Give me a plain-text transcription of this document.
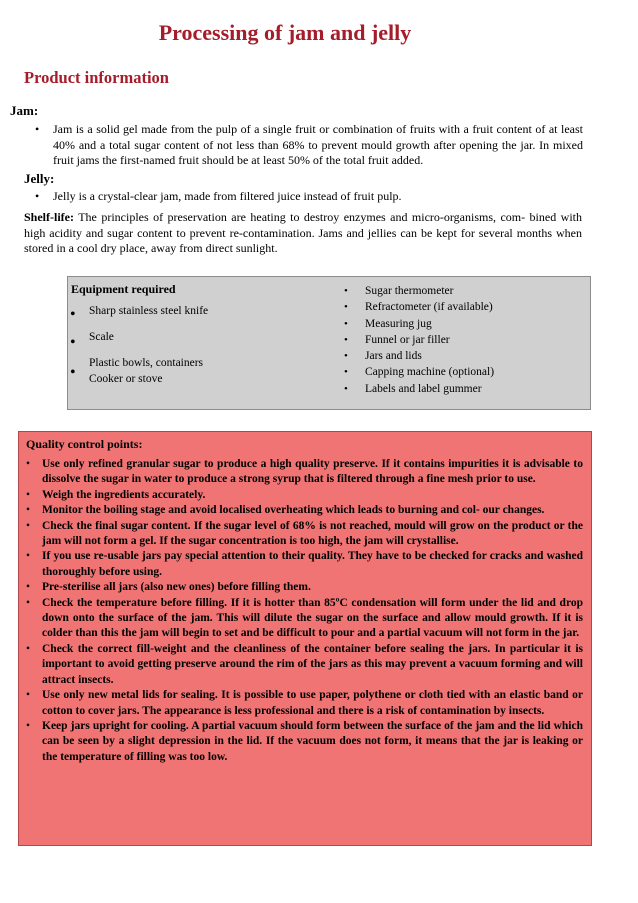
Processing of jam and jelly
Product information

Jam:

• Jam is a solid gel made from the pulp of a single fruit or combination of fruits with a fruit content of at least 40% and a total sugar content of not less than 68% to prevent mould growth after opening the jar. In mixed fruit jams the first-named fruit should be at least 50% of the total fruit added.

Jelly:

• Jelly is a crystal-clear jam, made from filtered juice instead of fruit pulp.

Shelf-life: The principles of preservation are heating to destroy enzymes and micro-organisms, com- bined with high acidity and sugar content to prevent re-contamination. Jams and jellies can be kept for several months when stored in a cool dry place, away from direct sunlight.

Equipment required

•
•
•
Sharp stainless steel knife
Scale
Plastic bowls, containers
Cooker or stove
• Sugar thermometer
• Refractometer (if available)
• Measuring jug
• Funnel or jar filler
• Jars and lids
• Capping machine (optional)
• Labels and label gummer

Quality control points:

• Use only refined granular sugar to produce a high quality preserve. If it contains impurities it is advisable to dissolve the sugar in water to produce a strong syrup that is filtered through a fine mesh prior to use.
• Weigh the ingredients accurately.
• Monitor the boiling stage and avoid localised overheating which leads to burning and col- our changes.
• Check the final sugar content. If the sugar level of 68% is not reached, mould will grow on the product or the jam will not form a gel. If the sugar concentration is too high, the jam will crystallise.
• If you use re-usable jars pay special attention to their quality. They have to be checked for cracks and washed thoroughly before using.
• Pre-sterilise all jars (also new ones) before filling them.
• Check the temperature before filling. If it is hotter than 85ºC condensation will form under the lid and drop down onto the surface of the jam. This will dilute the sugar on the surface and allow mould growth. If it is colder than this the jam will begin to set and be difficult to pour and a partial vacuum will not form in the jar.
• Check the correct fill-weight and the cleanliness of the container before sealing the jars. In particular it is important to avoid getting preserve around the rim of the jars as this may prevent a vacuum forming and will attract insects.
• Use only new metal lids for sealing. It is possible to use paper, polythene or cloth tied with an elastic band or cotton to cover jars. The appearance is less professional and there is a risk of contamination by insects.
• Keep jars upright for cooling. A partial vacuum should form between the surface of the jam and the lid which can be seen by a slight depression in the lid. If the vacuum does not form, it means that the jar is leaking or the temperature of filling was too low.
